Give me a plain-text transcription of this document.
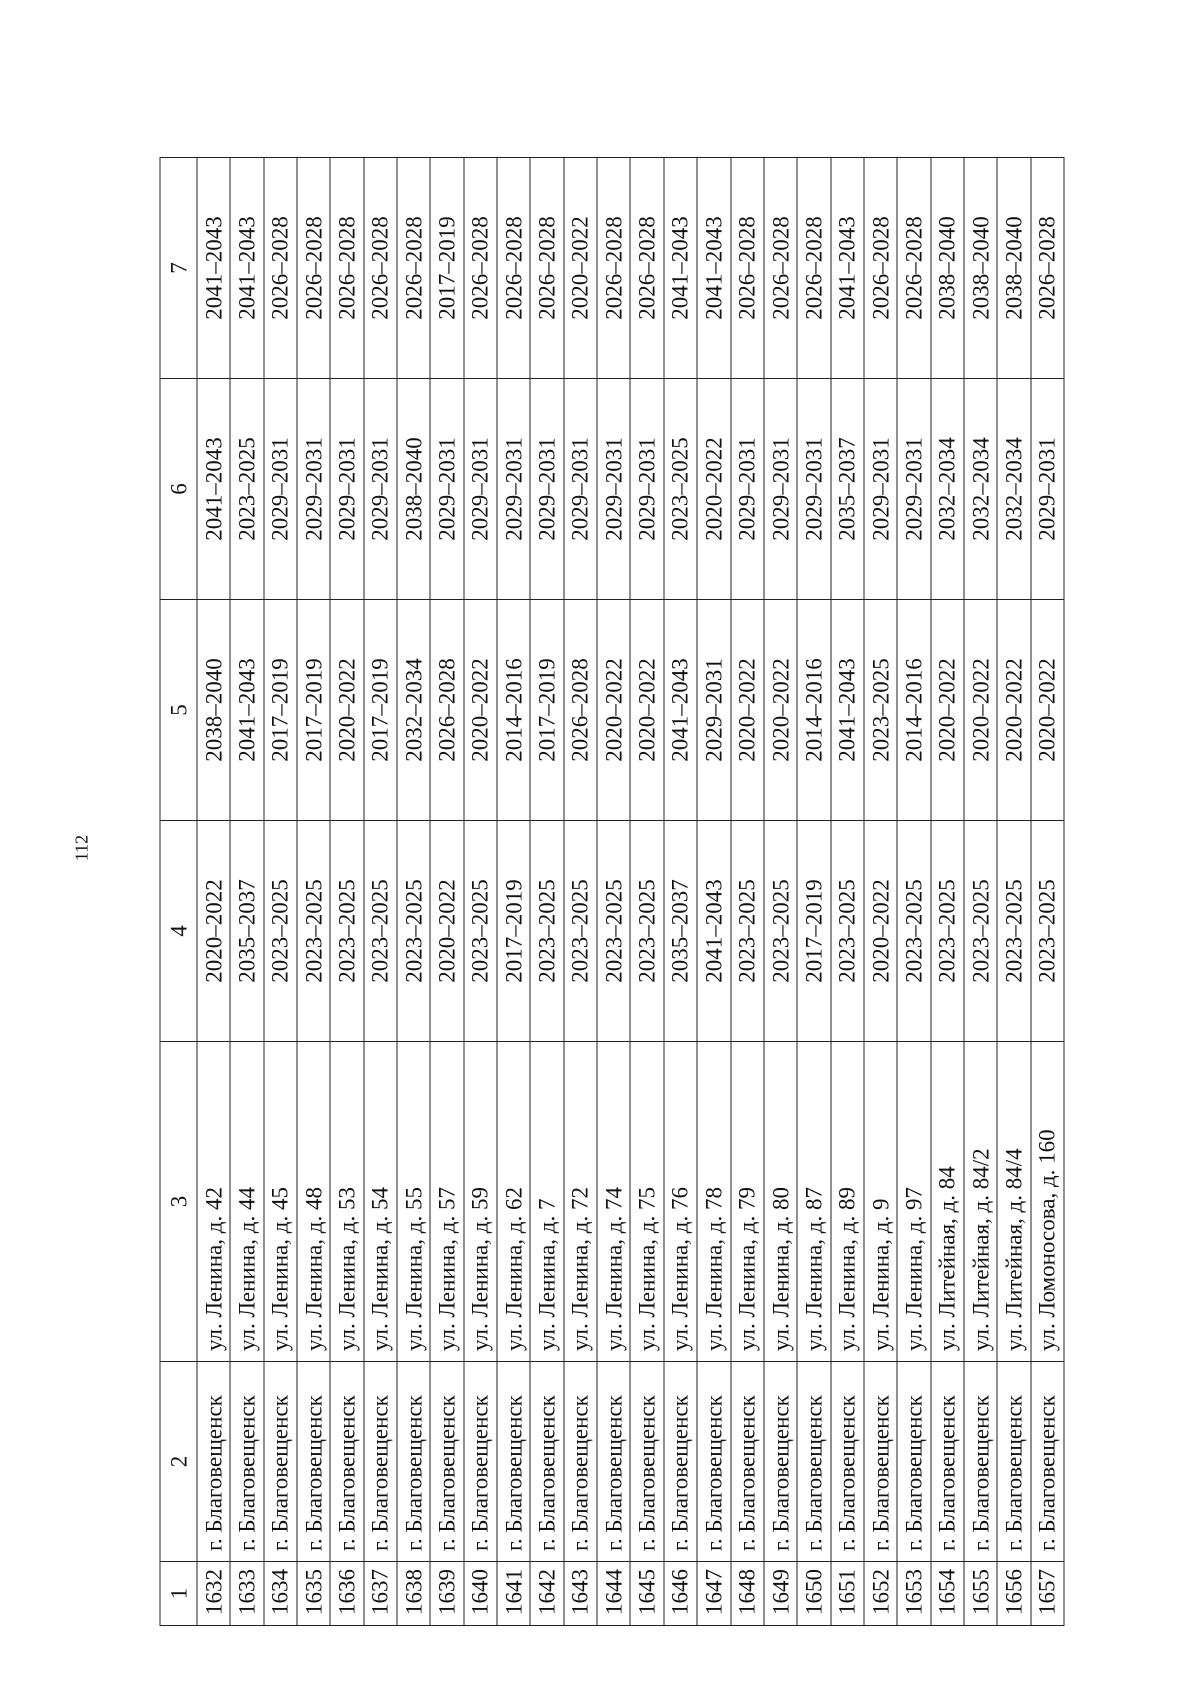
112
1	2	3	4	5	6	7
1632	г. Благовещенск	ул. Ленина, д. 42	2020–2022	2038–2040	2041–2043	2041–2043
1633	г. Благовещенск	ул. Ленина, д. 44	2035–2037	2041–2043	2023–2025	2041–2043
1634	г. Благовещенск	ул. Ленина, д. 45	2023–2025	2017–2019	2029–2031	2026–2028
1635	г. Благовещенск	ул. Ленина, д. 48	2023–2025	2017–2019	2029–2031	2026–2028
1636	г. Благовещенск	ул. Ленина, д. 53	2023–2025	2020–2022	2029–2031	2026–2028
1637	г. Благовещенск	ул. Ленина, д. 54	2023–2025	2017–2019	2029–2031	2026–2028
1638	г. Благовещенск	ул. Ленина, д. 55	2023–2025	2032–2034	2038–2040	2026–2028
1639	г. Благовещенск	ул. Ленина, д. 57	2020–2022	2026–2028	2029–2031	2017–2019
1640	г. Благовещенск	ул. Ленина, д. 59	2023–2025	2020–2022	2029–2031	2026–2028
1641	г. Благовещенск	ул. Ленина, д. 62	2017–2019	2014–2016	2029–2031	2026–2028
1642	г. Благовещенск	ул. Ленина, д. 7	2023–2025	2017–2019	2029–2031	2026–2028
1643	г. Благовещенск	ул. Ленина, д. 72	2023–2025	2026–2028	2029–2031	2020–2022
1644	г. Благовещенск	ул. Ленина, д. 74	2023–2025	2020–2022	2029–2031	2026–2028
1645	г. Благовещенск	ул. Ленина, д. 75	2023–2025	2020–2022	2029–2031	2026–2028
1646	г. Благовещенск	ул. Ленина, д. 76	2035–2037	2041–2043	2023–2025	2041–2043
1647	г. Благовещенск	ул. Ленина, д. 78	2041–2043	2029–2031	2020–2022	2041–2043
1648	г. Благовещенск	ул. Ленина, д. 79	2023–2025	2020–2022	2029–2031	2026–2028
1649	г. Благовещенск	ул. Ленина, д. 80	2023–2025	2020–2022	2029–2031	2026–2028
1650	г. Благовещенск	ул. Ленина, д. 87	2017–2019	2014–2016	2029–2031	2026–2028
1651	г. Благовещенск	ул. Ленина, д. 89	2023–2025	2041–2043	2035–2037	2041–2043
1652	г. Благовещенск	ул. Ленина, д. 9	2020–2022	2023–2025	2029–2031	2026–2028
1653	г. Благовещенск	ул. Ленина, д. 97	2023–2025	2014–2016	2029–2031	2026–2028
1654	г. Благовещенск	ул. Литейная, д. 84	2023–2025	2020–2022	2032–2034	2038–2040
1655	г. Благовещенск	ул. Литейная, д. 84/2	2023–2025	2020–2022	2032–2034	2038–2040
1656	г. Благовещенск	ул. Литейная, д. 84/4	2023–2025	2020–2022	2032–2034	2038–2040
1657	г. Благовещенск	ул. Ломоносова, д. 160	2023–2025	2020–2022	2029–2031	2026–2028
